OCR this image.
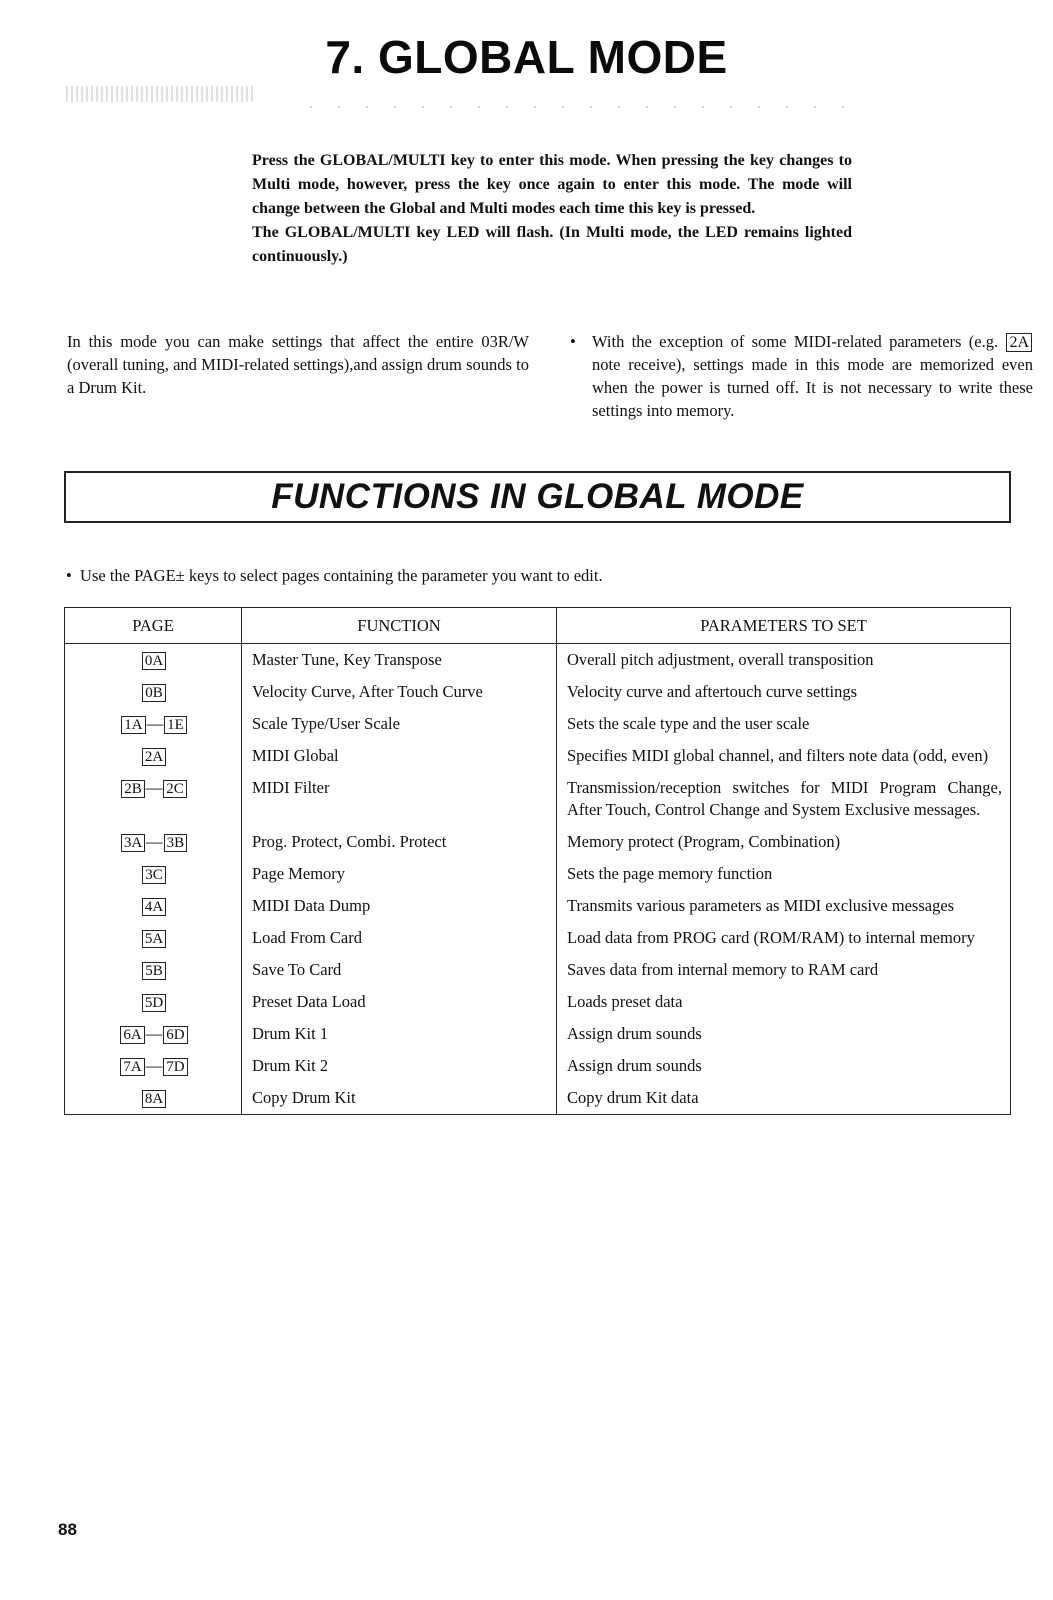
7. GLOBAL MODE

Press the GLOBAL/MULTI key to enter this mode. When pressing the key changes to Multi mode, however, press the key once again to enter this mode. The mode will change between the Global and Multi modes each time this key is pressed.

The GLOBAL/MULTI key LED will flash. (In Multi mode, the LED remains lighted continuously.)

In this mode you can make settings that affect the entire 03R/W (overall tuning, and MIDI-related settings),and assign drum sounds to a Drum Kit.
• With the exception of some MIDI-related parameters (e.g. 2A note receive), settings made in this mode are memorized even when the power is turned off. It is not necessary to write these settings into memory.
FUNCTIONS IN GLOBAL MODE
• Use the PAGE± keys to select pages containing the parameter you want to edit.
PAGE	FUNCTION	PARAMETERS TO SET
0A	Master Tune, Key Transpose	Overall pitch adjustment, overall transposition
0B	Velocity Curve, After Touch Curve	Velocity curve and aftertouch curve settings
1A — 1E	Scale Type/User Scale	Sets the scale type and the user scale
2A	MIDI Global	Specifies MIDI global channel, and filters note data (odd, even)
2B — 2C	MIDI Filter	Transmission/reception switches for MIDI Program Change, After Touch, Control Change and System Exclusive messages.
3A — 3B	Prog. Protect, Combi. Protect	Memory protect (Program, Combination)
3C	Page Memory	Sets the page memory function
4A	MIDI Data Dump	Transmits various parameters as MIDI exclusive messages
5A	Load From Card	Load data from PROG card (ROM/RAM) to internal memory
5B	Save To Card	Saves data from internal memory to RAM card
5D	Preset Data Load	Loads preset data
6A — 6D	Drum Kit 1	Assign drum sounds
7A — 7D	Drum Kit 2	Assign drum sounds
8A	Copy Drum Kit	Copy drum Kit data
88
